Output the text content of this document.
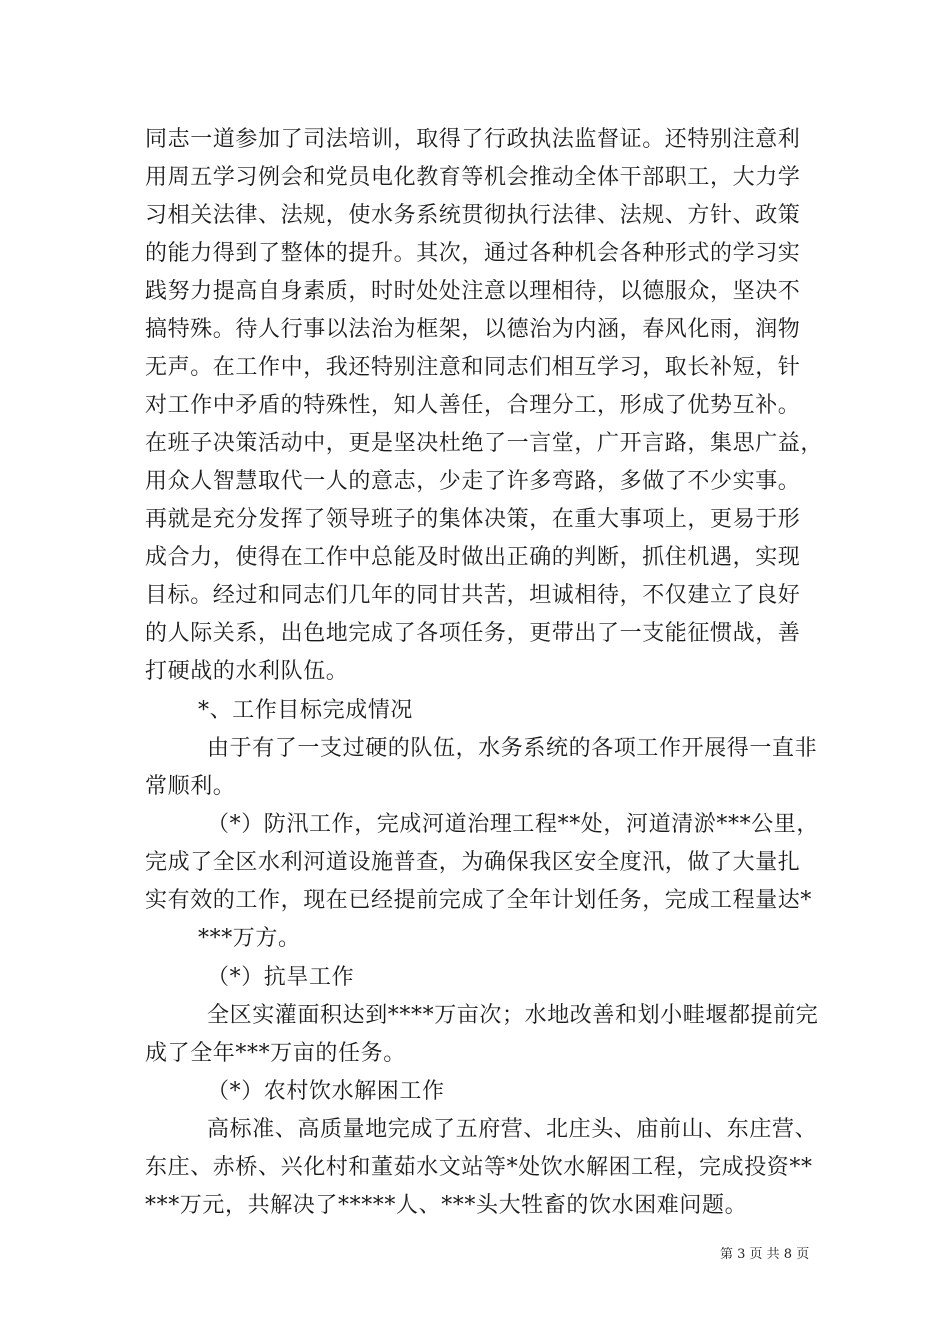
同志一道参加了司法培训，取得了行政执法监督证。还特别注意利
用周五学习例会和党员电化教育等机会推动全体干部职工，大力学
习相关法律、法规，使水务系统贯彻执行法律、法规、方针、政策
的能力得到了整体的提升。其次，通过各种机会各种形式的学习实
践努力提高自身素质，时时处处注意以理相待，以德服众，坚决不
搞特殊。待人行事以法治为框架，以德治为内涵，春风化雨，润物
无声。在工作中，我还特别注意和同志们相互学习，取长补短，针
对工作中矛盾的特殊性，知人善任，合理分工，形成了优势互补。
在班子决策活动中，更是坚决杜绝了一言堂，广开言路，集思广益，
用众人智慧取代一人的意志，少走了许多弯路，多做了不少实事。
再就是充分发挥了领导班子的集体决策，在重大事项上，更易于形
成合力，使得在工作中总能及时做出正确的判断，抓住机遇，实现
目标。经过和同志们几年的同甘共苦，坦诚相待，不仅建立了良好
的人际关系，出色地完成了各项任务，更带出了一支能征惯战，善
打硬战的水利队伍。
*、工作目标完成情况
由于有了一支过硬的队伍，水务系统的各项工作开展得一直非
常顺利。
（*）防汛工作，完成河道治理工程**处，河道清淤***公里，
完成了全区水利河道设施普查，为确保我区安全度汛，做了大量扎
实有效的工作，现在已经提前完成了全年计划任务，完成工程量达*
***万方。
（*）抗旱工作
全区实灌面积达到****万亩次；水地改善和划小畦堰都提前完
成了全年***万亩的任务。
（*）农村饮水解困工作
高标准、高质量地完成了五府营、北庄头、庙前山、东庄营、
东庄、赤桥、兴化村和董茹水文站等*处饮水解困工程，完成投资**
***万元，共解决了*****人、***头大牲畜的饮水困难问题。
第 3 页 共 8 页
